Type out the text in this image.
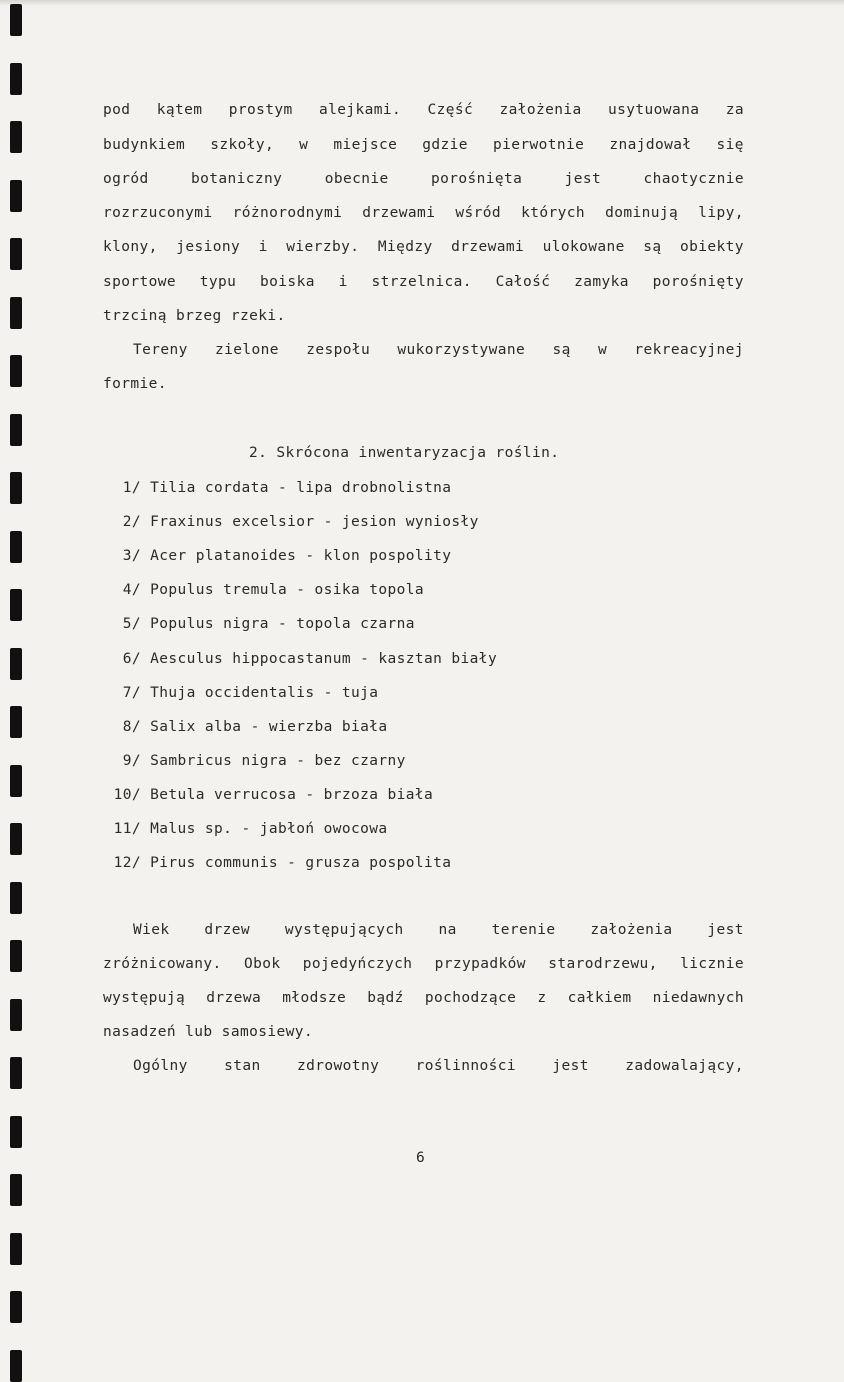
pod kątem prostym alejkami. Część założenia usytuowana za
budynkiem szkoły, w miejsce gdzie pierwotnie znajdował się
ogród	botaniczny	obecnie	porośnięta	jest	chaotycznie
rozrzuconymi różnorodnymi drzewami wśród których dominują lipy,
klony, jesiony i wierzby. Między drzewami ulokowane są obiekty
sportowe typu boiska i strzelnica. Całość zamyka porośnięty
trzciną brzeg rzeki.
Tereny zielone zespołu wukorzystywane są w rekreacyjnej
formie.
2. Skrócona inwentaryzacja roślin.
1/ Tilia cordata - lipa drobnolistna
2/ Fraxinus excelsior - jesion wyniosły
3/ Acer platanoides - klon pospolity
4/ Populus tremula - osika topola
5/ Populus nigra - topola czarna
6/ Aesculus hippocastanum - kasztan biały
7/ Thuja occidentalis - tuja
8/ Salix alba - wierzba biała
9/ Sambricus nigra - bez czarny
10/ Betula verrucosa - brzoza biała
11/ Malus sp. - jabłoń owocowa
12/ Pirus communis - grusza pospolita
Wiek drzew występujących na terenie założenia jest
zróżnicowany. Obok pojedyńczych przypadków starodrzewu, licznie
występują drzewa młodsze bądź pochodzące z całkiem niedawnych
nasadzeń lub samosiewy.
Ogólny	stan	zdrowotny	roślinności	jest	zadowalający,
6
